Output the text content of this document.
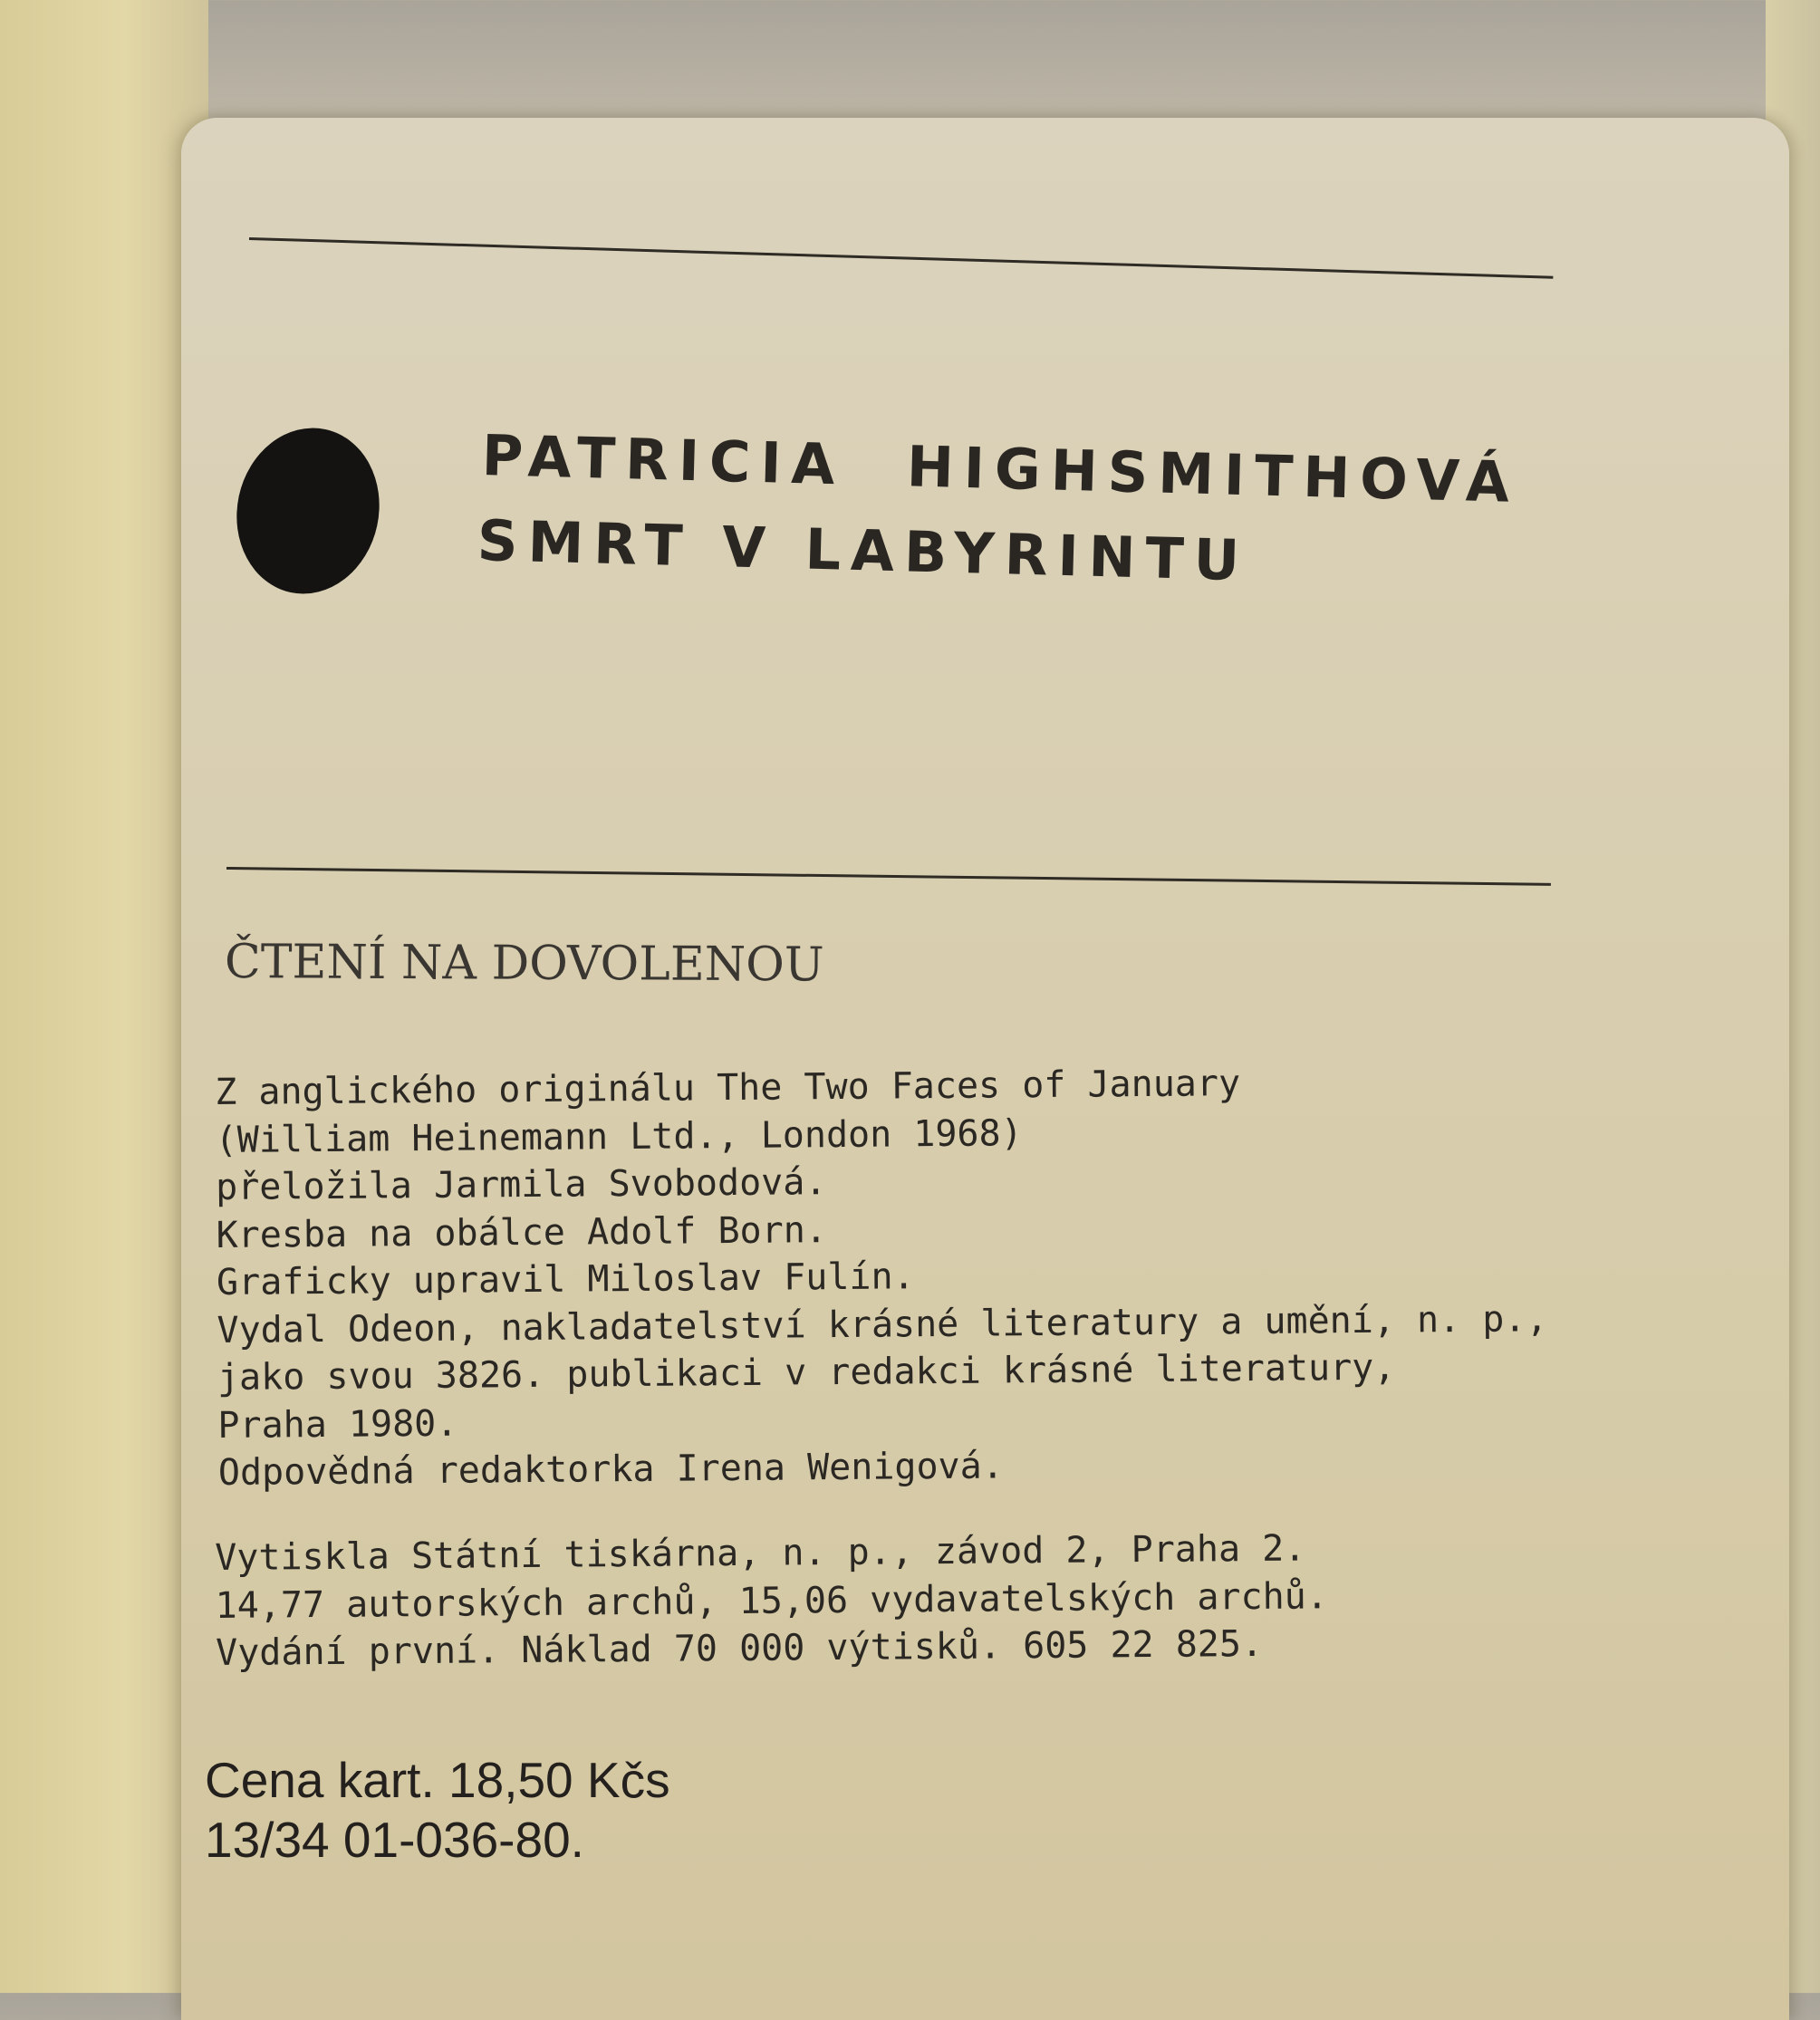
PATRICIA HIGHSMITHOVÁ
SMRT V LABYRINTU
ČTENÍ NA DOVOLENOU
Z anglického originálu The Two Faces of January
(William Heinemann Ltd., London 1968)
přeložila Jarmila Svobodová.
Kresba na obálce Adolf Born.
Graficky upravil Miloslav Fulín.
Vydal Odeon, nakladatelství krásné literatury a umění, n. p.,
jako svou 3826. publikaci v redakci krásné literatury,
Praha 1980.
Odpovědná redaktorka Irena Wenigová.
Vytiskla Státní tiskárna, n. p., závod 2, Praha 2.
14,77 autorských archů, 15,06 vydavatelských archů.
Vydání první. Náklad 70 000 výtisků. 605 22 825.
Cena kart. 18,50 Kčs
13/34 01-036-80.
